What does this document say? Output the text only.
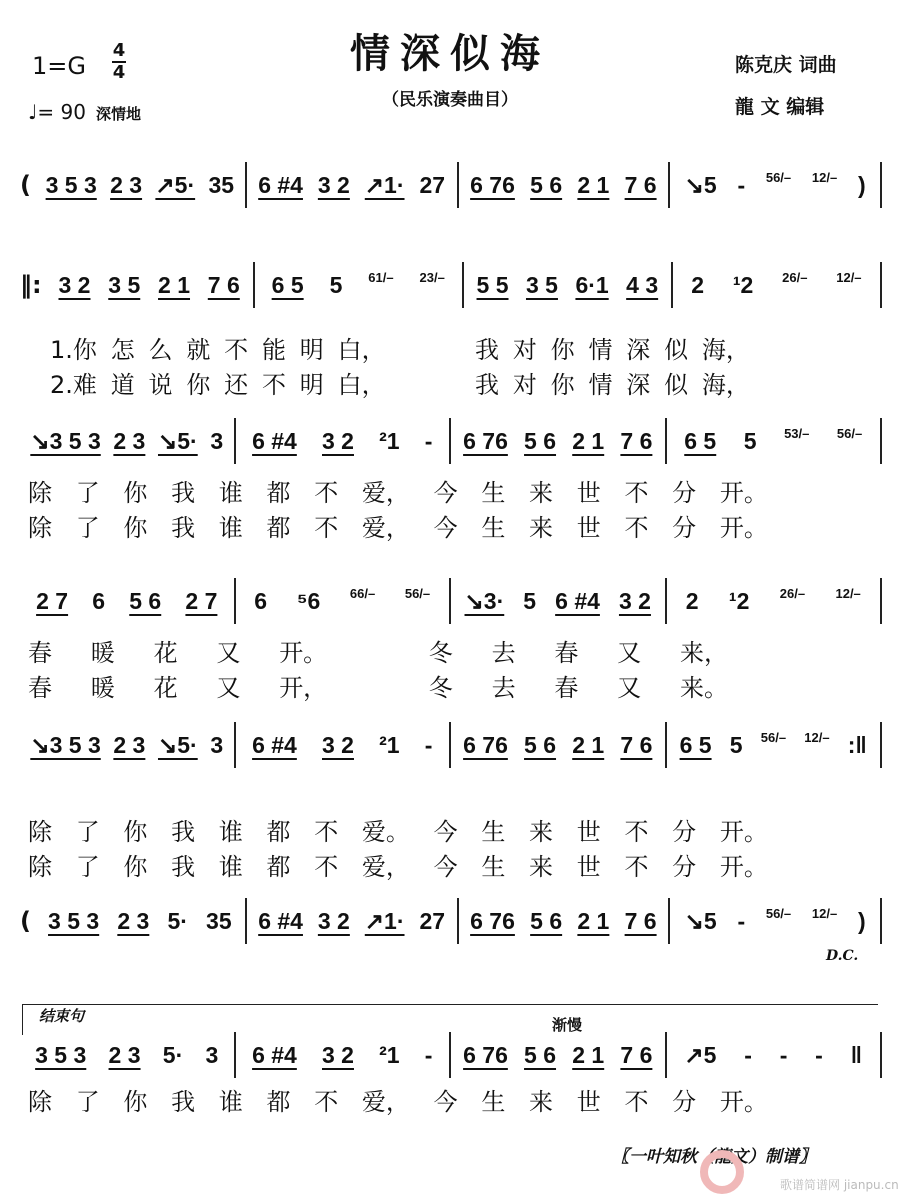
情深似海
（民乐演奏曲目）
1=G
4
4
♩= 90 深情地
陈克庆 词曲
龍 文 编辑
( 3 5 3 2 3 ↗5· 35 6 #4 3 2 ↗1· 27 6 76 5 6 2 1 7 6 ↘5 - 56/– 12/– )
‖: 3 2 3 5 2 1 7 6 6 5 5 61/– 23/– 5 5 3 5 6·1 4 3 2 ¹2 26/– 12/–
↘3 5 3 2 3 ↘5· 3 6 #4 3 2 ²1 - 6 76 5 6 2 1 7 6 6 5 5 53/– 56/–
2 7 6 5 6 2 7 6 ⁵6 66/– 56/– ↘3· 5 6 #4 3 2 2 ¹2 26/– 12/–
↘3 5 3 2 3 ↘5· 3 6 #4 3 2 ²1 - 6 76 5 6 2 1 7 6 6 5 5 56/– 12/– :‖
( 3 5 3 2 3 5· 35 6 #4 3 2 ↗1· 27 6 76 5 6 2 1 7 6 ↘5 - 56/– 12/– )
3 5 3 2 3 5· 3 6 #4 3 2 ²1 - 6 76 5 6 2 1 7 6 ↗5 - - - ‖
1.你 怎 么 就 不 能 明 白，	我 对 你 情 深 似 海，
2.难 道 说 你 还 不 明 白，	我 对 你 情 深 似 海，
除 了 你 我 谁 都 不 爱， 今 生 来 世 不 分 开。
除 了 你 我 谁 都 不 爱， 今 生 来 世 不 分 开。
春 暖 花 又 开。	冬 去 春 又 来，
春 暖 花 又 开，	冬 去 春 又 来。
除 了 你 我 谁 都 不 爱。 今 生 来 世 不 分 开。
除 了 你 我 谁 都 不 爱， 今 生 来 世 不 分 开。
除 了 你 我 谁 都 不 爱， 今 生 来 世 不 分 开。
D.C.
结束句	渐慢
〖一叶知秋（龍文）制谱〗
歌谱简谱网 jianpu.cn
